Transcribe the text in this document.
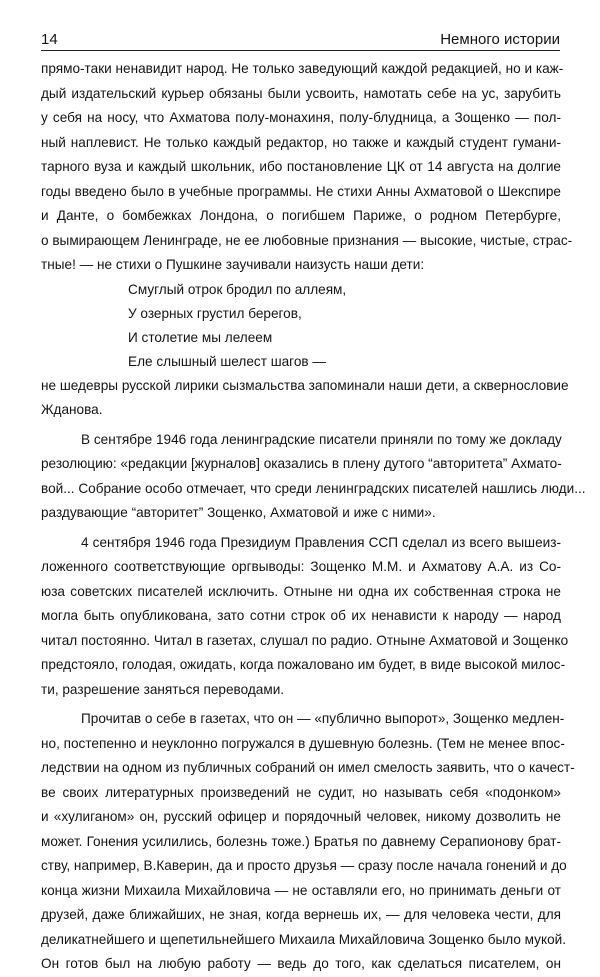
14	Немного истории
прямо-таки ненавидит народ. Не только заведующий каждой редакцией, но и каж-
дый издательский курьер обязаны были усвоить, намотать себе на ус, зарубить
у себя на носу, что Ахматова полу-монахиня, полу-блудница, а Зощенко — пол-
ный наплевист. Не только каждый редактор, но также и каждый студент гумани-
тарного вуза и каждый школьник, ибо постановление ЦК от 14 августа на долгие
годы введено было в учебные программы. Не стихи Анны Ахматовой о Шекспире
и Данте, о бомбежках Лондона, о погибшем Париже, о родном Петербурге,
о вымирающем Ленинграде, не ее любовные признания — высокие, чистые, страс-
тные! — не стихи о Пушкине заучивали наизусть наши дети:
Смуглый отрок бродил по аллеям,
У озерных грустил берегов,
И столетие мы лелеем
Еле слышный шелест шагов —
не шедевры русской лирики сызмальства запоминали наши дети, а сквернословие
Жданова.
В сентябре 1946 года ленинградские писатели приняли по тому же докладу
резолюцию: «редакции [журналов] оказались в плену дутого “авторитета” Ахмато-
вой... Собрание особо отмечает, что среди ленинградских писателей нашлись люди...
раздувающие “авторитет” Зощенко, Ахматовой и иже с ними».
4 сентября 1946 года Президиум Правления ССП сделал из всего вышеиз-
ложенного соответствующие оргвыводы: Зощенко М.М. и Ахматову А.А. из Со-
юза советских писателей исключить. Отныне ни одна их собственная строка не
могла быть опубликована, зато сотни строк об их ненависти к народу — народ
читал постоянно. Читал в газетах, слушал по радио. Отныне Ахматовой и Зощенко
предстояло, голодая, ожидать, когда пожаловано им будет, в виде высокой милос-
ти, разрешение заняться переводами.
Прочитав о себе в газетах, что он — «публично выпорот», Зощенко медлен-
но, постепенно и неуклонно погружался в душевную болезнь. (Тем не менее впос-
ледствии на одном из публичных собраний он имел смелость заявить, что о качест-
ве своих литературных произведений не судит, но называть себя «подонком»
и «хулиганом» он, русский офицер и порядочный человек, никому дозволить не
может. Гонения усилились, болезнь тоже.) Братья по давнему Серапионову брат-
ству, например, В.Каверин, да и просто друзья — сразу после начала гонений и до
конца жизни Михаила Михайловича — не оставляли его, но принимать деньги от
друзей, даже ближайших, не зная, когда вернешь их, — для человека чести, для
деликатнейшего и щепетильнейшего Михаила Михайловича Зощенко было мукой.
Он готов был на любую работу — ведь до того, как сделаться писателем, он
